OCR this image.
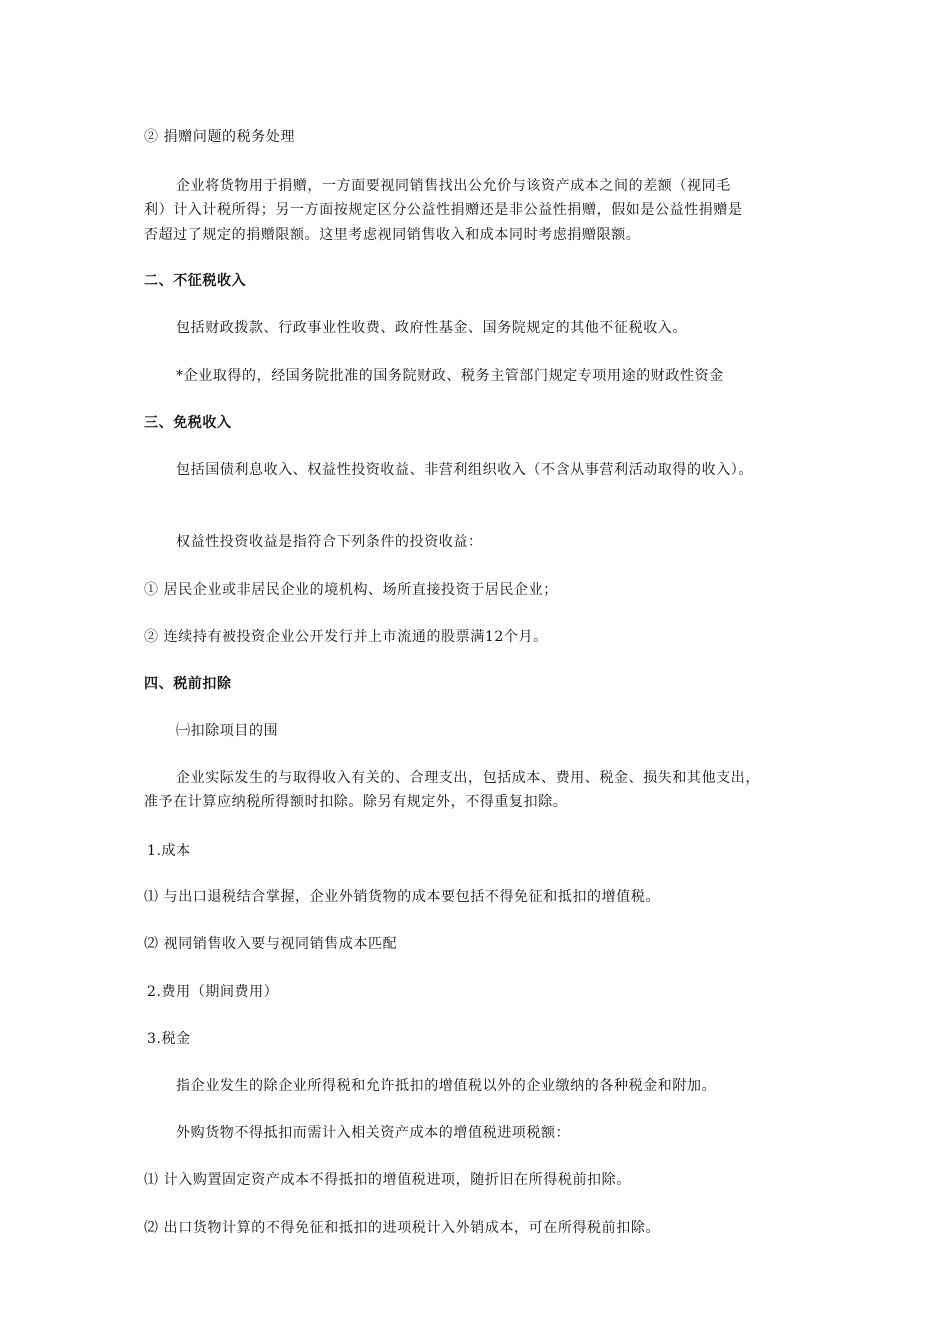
② 捐赠问题的税务处理
企业将货物用于捐赠，一方面要视同销售找出公允价与该资产成本之间的差额（视同毛
利）计入计税所得；另一方面按规定区分公益性捐赠还是非公益性捐赠，假如是公益性捐赠是
否超过了规定的捐赠限额。这里考虑视同销售收入和成本同时考虑捐赠限额。
二、不征税收入
包括财政拨款、行政事业性收费、政府性基金、国务院规定的其他不征税收入。
*企业取得的，经国务院批准的国务院财政、税务主管部门规定专项用途的财政性资金
三、免税收入
包括国债利息收入、权益性投资收益、非营利组织收入（不含从事营利活动取得的收入）。
权益性投资收益是指符合下列条件的投资收益：
① 居民企业或非居民企业的境机构、场所直接投资于居民企业；
② 连续持有被投资企业公开发行并上市流通的股票满12个月。
四、税前扣除
㈠扣除项目的围
企业实际发生的与取得收入有关的、合理支出，包括成本、费用、税金、损失和其他支出，
准予在计算应纳税所得额时扣除。除另有规定外，不得重复扣除。
1.成本
⑴ 与出口退税结合掌握，企业外销货物的成本要包括不得免征和抵扣的增值税。
⑵ 视同销售收入要与视同销售成本匹配
2.费用（期间费用）
3.税金
指企业发生的除企业所得税和允许抵扣的增值税以外的企业缴纳的各种税金和附加。
外购货物不得抵扣而需计入相关资产成本的增值税进项税额：
⑴ 计入购置固定资产成本不得抵扣的增值税进项，随折旧在所得税前扣除。
⑵ 出口货物计算的不得免征和抵扣的进项税计入外销成本，可在所得税前扣除。
